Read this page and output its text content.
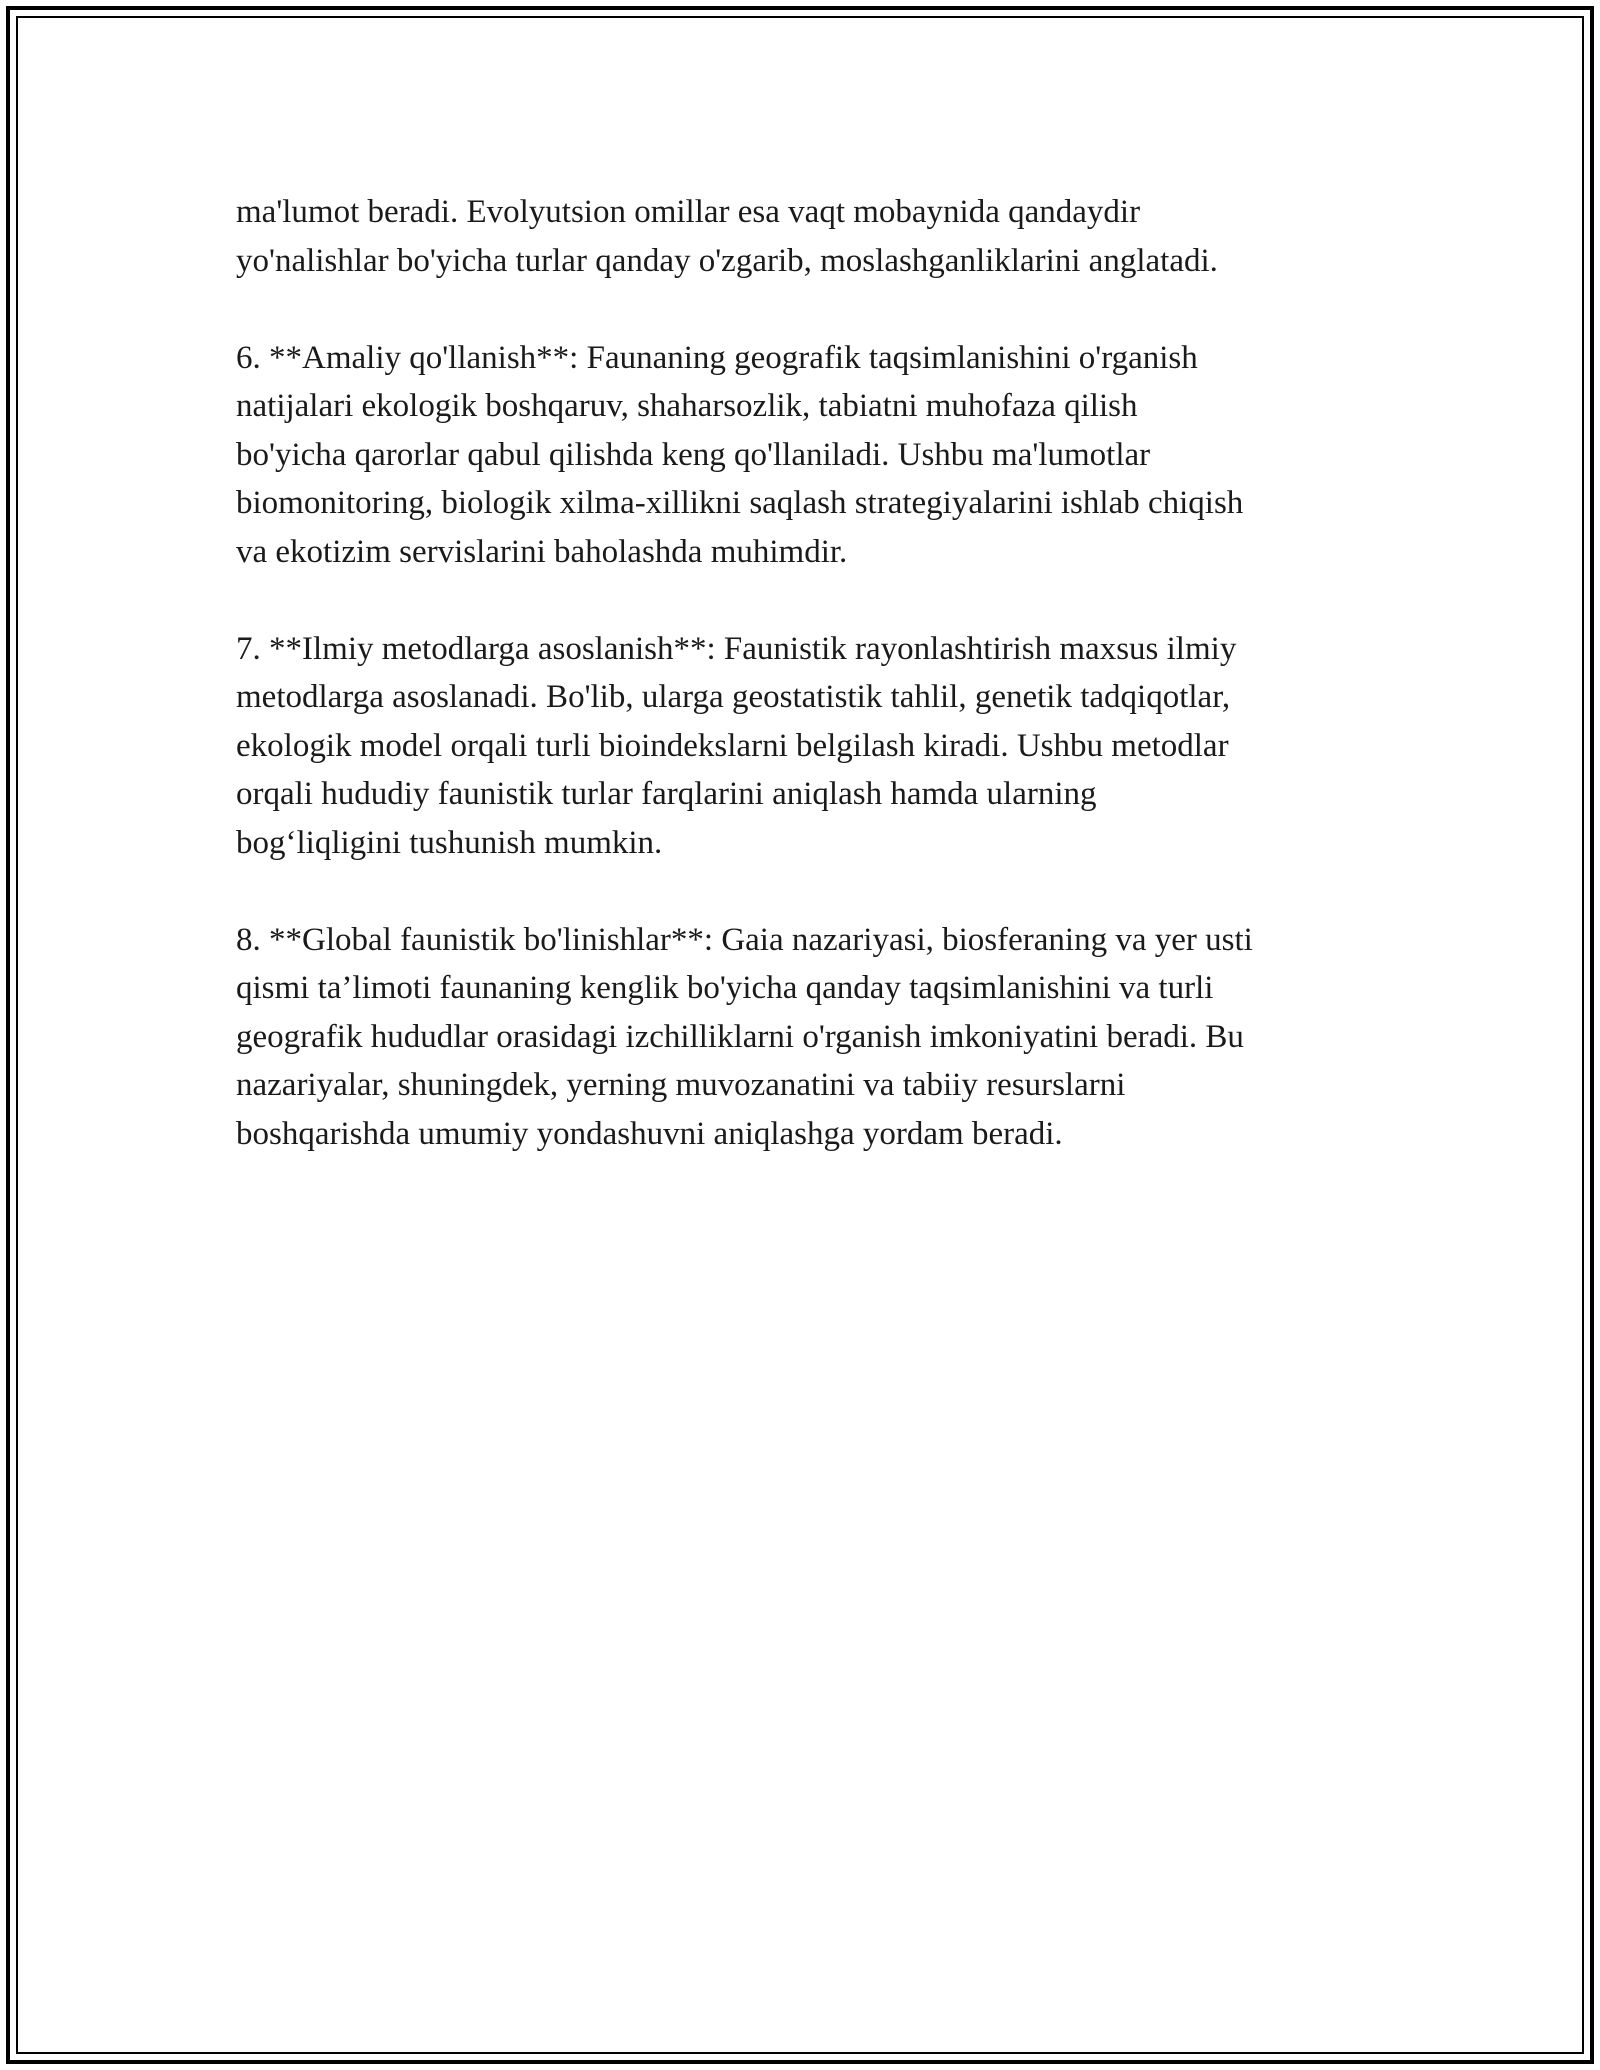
ma'lumot beradi. Evolyutsion omillar esa vaqt mobaynida qandaydir
yo'nalishlar bo'yicha turlar qanday o'zgarib, moslashganliklarini anglatadi.

6. **Amaliy qo'llanish**: Faunaning geografik taqsimlanishini o'rganish
natijalari ekologik boshqaruv, shaharsozlik, tabiatni muhofaza qilish
bo'yicha qarorlar qabul qilishda keng qo'llaniladi. Ushbu ma'lumotlar
biomonitoring, biologik xilma-xillikni saqlash strategiyalarini ishlab chiqish
va ekotizim servislarini baholashda muhimdir.

7. **Ilmiy metodlarga asoslanish**: Faunistik rayonlashtirish maxsus ilmiy
metodlarga asoslanadi. Bo'lib, ularga geostatistik tahlil, genetik tadqiqotlar,
ekologik model orqali turli bioindekslarni belgilash kiradi. Ushbu metodlar
orqali hududiy faunistik turlar farqlarini aniqlash hamda ularning
bog‘liqligini tushunish mumkin.

8. **Global faunistik bo'linishlar**: Gaia nazariyasi, biosferaning va yer usti
qismi ta’limoti faunaning kenglik bo'yicha qanday taqsimlanishini va turli
geografik hududlar orasidagi izchilliklarni o'rganish imkoniyatini beradi. Bu
nazariyalar, shuningdek, yerning muvozanatini va tabiiy resurslarni
boshqarishda umumiy yondashuvni aniqlashga yordam beradi.
